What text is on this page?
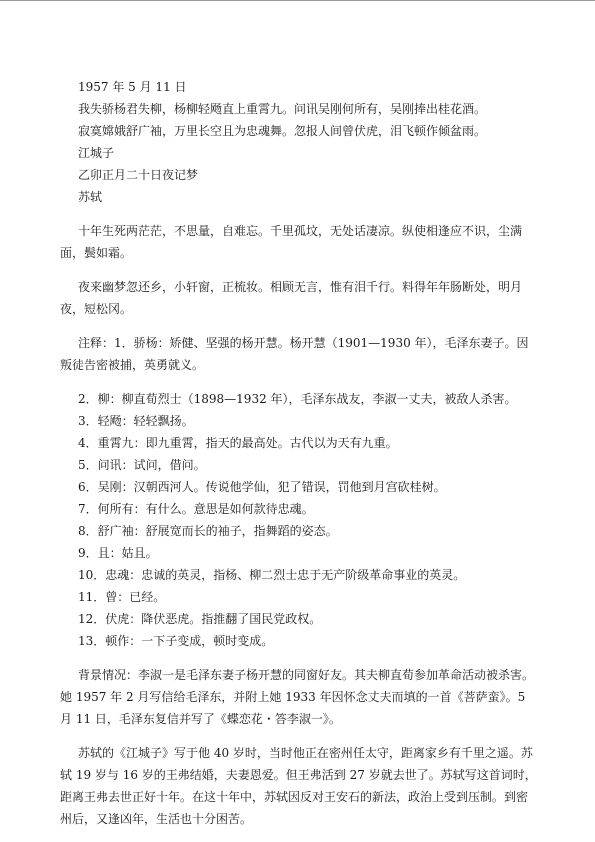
1957 年 5 月 11 日

我失骄杨君失柳，杨柳轻飏直上重霄九。问讯吴刚何所有，吴刚捧出桂花酒。

寂寞嫦娥舒广袖，万里长空且为忠魂舞。忽报人间曾伏虎，泪飞顿作倾盆雨。

江城子

乙卯正月二十日夜记梦

苏轼

十年生死两茫茫，不思量，自难忘。千里孤坟，无处话凄凉。纵使相逢应不识，尘满面，鬓如霜。

夜来幽梦忽还乡，小轩窗，正梳妆。相顾无言，惟有泪千行。料得年年肠断处，明月夜，短松冈。

注释：1．骄杨：矫健、坚强的杨开慧。杨开慧（1901—1930 年），毛泽东妻子。因叛徒告密被捕，英勇就义。

2．柳：柳直荀烈士（1898—1932 年），毛泽东战友，李淑一丈夫，被敌人杀害。

3．轻飏：轻轻飘扬。

4．重霄九：即九重霄，指天的最高处。古代以为天有九重。

5．问讯：试问，借问。

6．吴刚：汉朝西河人。传说他学仙，犯了错误，罚他到月宫砍桂树。

7．何所有：有什么。意思是如何款待忠魂。

8．舒广袖：舒展宽而长的袖子，指舞蹈的姿态。

9．且：姑且。

10．忠魂：忠诚的英灵，指杨、柳二烈士忠于无产阶级革命事业的英灵。

11．曾：已经。

12．伏虎：降伏恶虎。指推翻了国民党政权。

13．顿作：一下子变成，顿时变成。

背景情况：李淑一是毛泽东妻子杨开慧的同窗好友。其夫柳直荀参加革命活动被杀害。她 1957 年 2 月写信给毛泽东，并附上她 1933 年因怀念丈夫而填的一首《菩萨蛮》。5 月 11 日，毛泽东复信并写了《蝶恋花・答李淑一》。

苏轼的《江城子》写于他 40 岁时，当时他正在密州任太守，距离家乡有千里之遥。苏轼 19 岁与 16 岁的王弗结婚，夫妻恩爱。但王弗活到 27 岁就去世了。苏轼写这首词时，距离王弗去世正好十年。在这十年中，苏轼因反对王安石的新法，政治上受到压制。到密州后，又逢凶年，生活也十分困苦。
